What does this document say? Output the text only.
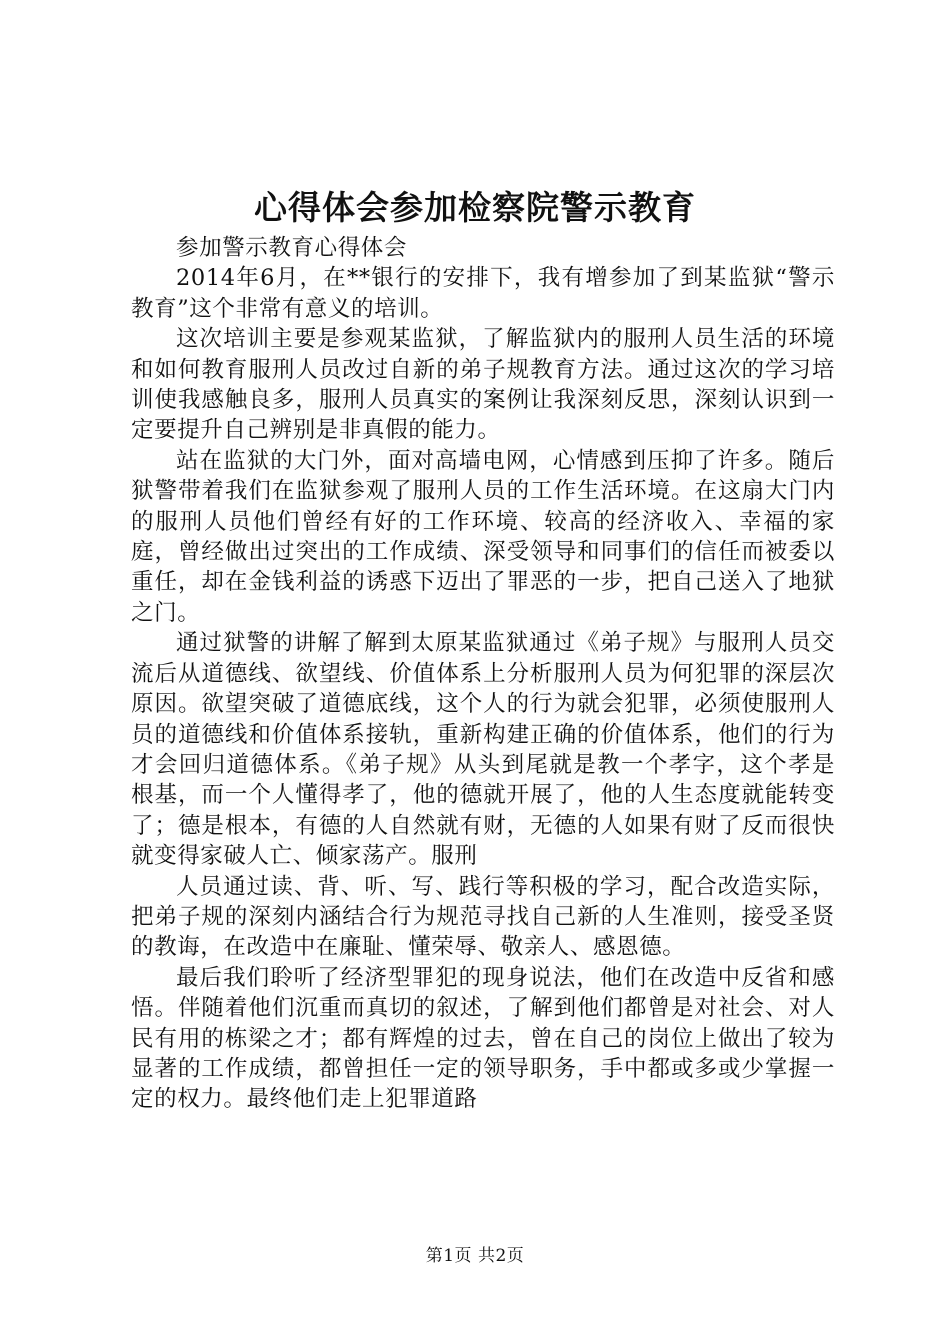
心得体会参加检察院警示教育

参加警示教育心得体会

2014年6月，在**银行的安排下，我有增参加了到某监狱“警示教育”这个非常有意义的培训。

这次培训主要是参观某监狱，了解监狱内的服刑人员生活的环境和如何教育服刑人员改过自新的弟子规教育方法。通过这次的学习培训使我感触良多，服刑人员真实的案例让我深刻反思，深刻认识到一定要提升自己辨别是非真假的能力。

站在监狱的大门外，面对高墙电网，心情感到压抑了许多。随后狱警带着我们在监狱参观了服刑人员的工作生活环境。在这扇大门内的服刑人员他们曾经有好的工作环境、较高的经济收入、幸福的家庭，曾经做出过突出的工作成绩、深受领导和同事们的信任而被委以重任，却在金钱利益的诱惑下迈出了罪恶的一步，把自己送入了地狱之门。

通过狱警的讲解了解到太原某监狱通过《弟子规》与服刑人员交流后从道德线、欲望线、价值体系上分析服刑人员为何犯罪的深层次原因。欲望突破了道德底线，这个人的行为就会犯罪，必须使服刑人员的道德线和价值体系接轨，重新构建正确的价值体系，他们的行为才会回归道德体系。《弟子规》从头到尾就是教一个孝字，这个孝是根基，而一个人懂得孝了，他的德就开展了，他的人生态度就能转变了；德是根本，有德的人自然就有财，无德的人如果有财了反而很快就变得家破人亡、倾家荡产。服刑

人员通过读、背、听、写、践行等积极的学习，配合改造实际，把弟子规的深刻内涵结合行为规范寻找自己新的人生准则，接受圣贤的教诲，在改造中在廉耻、懂荣辱、敬亲人、感恩德。

最后我们聆听了经济型罪犯的现身说法，他们在改造中反省和感悟。伴随着他们沉重而真切的叙述，了解到他们都曾是对社会、对人民有用的栋梁之才；都有辉煌的过去，曾在自己的岗位上做出了较为显著的工作成绩，都曾担任一定的领导职务，手中都或多或少掌握一定的权力。最终他们走上犯罪道路

第1页 共2页
